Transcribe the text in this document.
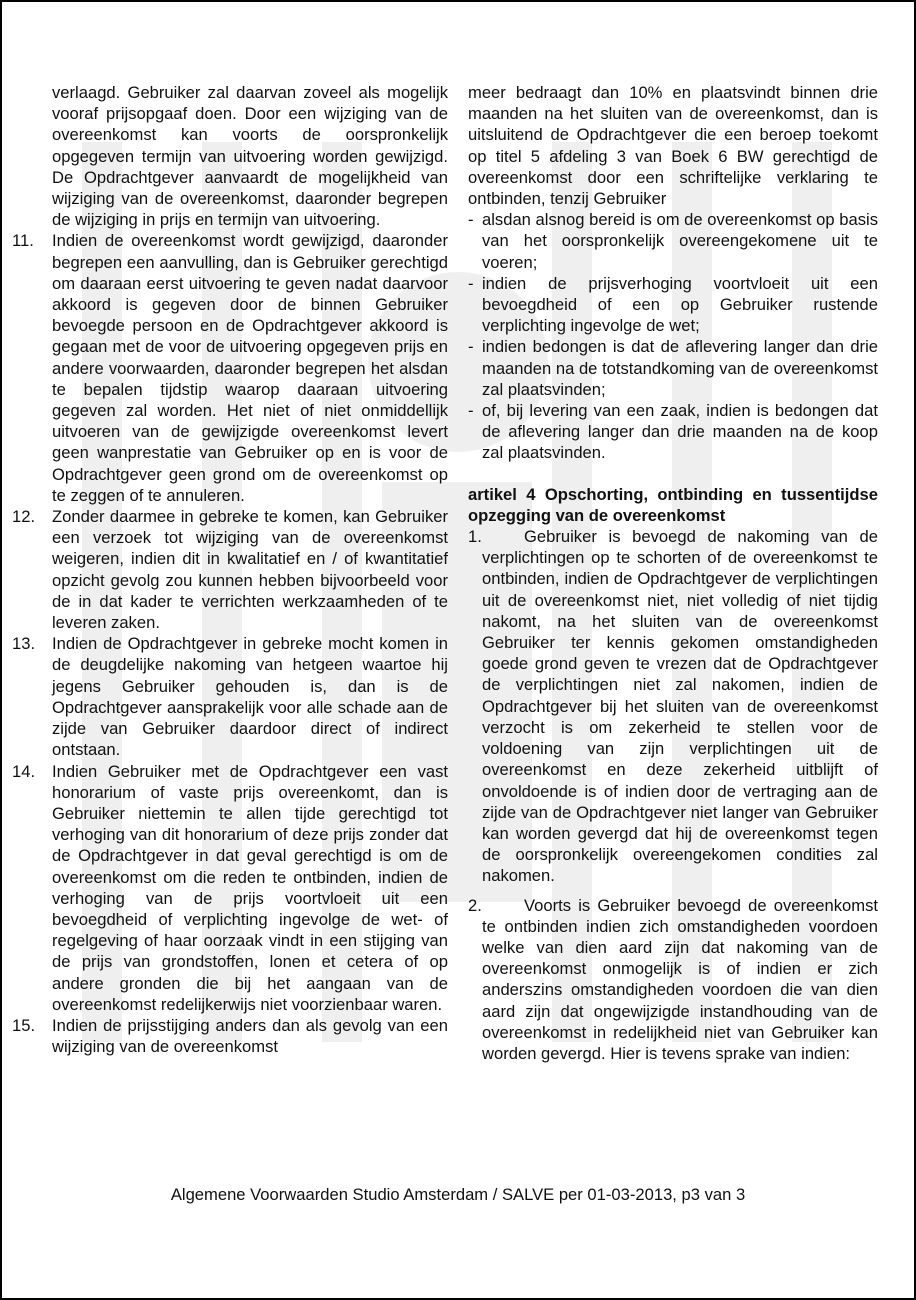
verlaagd. Gebruiker zal daarvan zoveel als mogelijk vooraf prijsopgaaf doen. Door een wijziging van de overeenkomst kan voorts de oorspronkelijk opgegeven termijn van uitvoering worden gewijzigd. De Opdrachtgever aanvaardt de mogelijkheid van wijziging van de overeenkomst, daaronder begrepen de wijziging in prijs en termijn van uitvoering.

11. Indien de overeenkomst wordt gewijzigd, daaronder begrepen een aanvulling, dan is Gebruiker gerechtigd om daaraan eerst uitvoering te geven nadat daarvoor akkoord is gegeven door de binnen Gebruiker bevoegde persoon en de Opdrachtgever akkoord is gegaan met de voor de uitvoering opgegeven prijs en andere voorwaarden, daaronder begrepen het alsdan te bepalen tijdstip waarop daaraan uitvoering gegeven zal worden. Het niet of niet onmiddellijk uitvoeren van de gewijzigde overeenkomst levert geen wanprestatie van Gebruiker op en is voor de Opdrachtgever geen grond om de overeenkomst op te zeggen of te annuleren.
12. Zonder daarmee in gebreke te komen, kan Gebruiker een verzoek tot wijziging van de overeenkomst weigeren, indien dit in kwalitatief en / of kwantitatief opzicht gevolg zou kunnen hebben bijvoorbeeld voor de in dat kader te verrichten werkzaamheden of te leveren zaken.
13. Indien de Opdrachtgever in gebreke mocht komen in de deugdelijke nakoming van hetgeen waartoe hij jegens Gebruiker gehouden is, dan is de Opdrachtgever aansprakelijk voor alle schade aan de zijde van Gebruiker daardoor direct of indirect ontstaan.
14. Indien Gebruiker met de Opdrachtgever een vast honorarium of vaste prijs overeenkomt, dan is Gebruiker niettemin te allen tijde gerechtigd tot verhoging van dit honorarium of deze prijs zonder dat de Opdrachtgever in dat geval gerechtigd is om de overeenkomst om die reden te ontbinden, indien de verhoging van de prijs voortvloeit uit een bevoegdheid of verplichting ingevolge de wet- of regelgeving of haar oorzaak vindt in een stijging van de prijs van grondstoffen, lonen et cetera of op andere gronden die bij het aangaan van de overeenkomst redelijkerwijs niet voorzienbaar waren.
15. Indien de prijsstijging anders dan als gevolg van een wijziging van de overeenkomst

meer bedraagt dan 10% en plaatsvindt binnen drie maanden na het sluiten van de overeenkomst, dan is uitsluitend de Opdrachtgever die een beroep toekomt op titel 5 afdeling 3 van Boek 6 BW gerechtigd de overeenkomst door een schriftelijke verklaring te ontbinden, tenzij Gebruiker

- alsdan alsnog bereid is om de overeenkomst op basis van het oorspronkelijk overeengekomene uit te voeren;
- indien de prijsverhoging voortvloeit uit een bevoegdheid of een op Gebruiker rustende verplichting ingevolge de wet;
- indien bedongen is dat de aflevering langer dan drie maanden na de totstandkoming van de overeenkomst zal plaatsvinden;
- of, bij levering van een zaak, indien is bedongen dat de aflevering langer dan drie maanden na de koop zal plaatsvinden.

artikel 4 Opschorting, ontbinding en tussentijdse opzegging van de overeenkomst

1.	Gebruiker is bevoegd de nakoming van de verplichtingen op te schorten of de overeenkomst te ontbinden, indien de Opdrachtgever de verplichtingen uit de overeenkomst niet, niet volledig of niet tijdig nakomt, na het sluiten van de overeenkomst Gebruiker ter kennis gekomen omstandigheden goede grond geven te vrezen dat de Opdrachtgever de verplichtingen niet zal nakomen, indien de Opdrachtgever bij het sluiten van de overeenkomst verzocht is om zekerheid te stellen voor de voldoening van zijn verplichtingen uit de overeenkomst en deze zekerheid uitblijft of onvoldoende is of indien door de vertraging aan de zijde van de Opdrachtgever niet langer van Gebruiker kan worden gevergd dat hij de overeenkomst tegen de oorspronkelijk overeengekomen condities zal nakomen.
2.	Voorts is Gebruiker bevoegd de overeenkomst te ontbinden indien zich omstandigheden voordoen welke van dien aard zijn dat nakoming van de overeenkomst onmogelijk is of indien er zich anderszins omstandigheden voordoen die van dien aard zijn dat ongewijzigde instandhouding van de overeenkomst in redelijkheid niet van Gebruiker kan worden gevergd. Hier is tevens sprake van indien:
Algemene Voorwaarden Studio Amsterdam / SALVE per 01-03-2013, p3 van 3
